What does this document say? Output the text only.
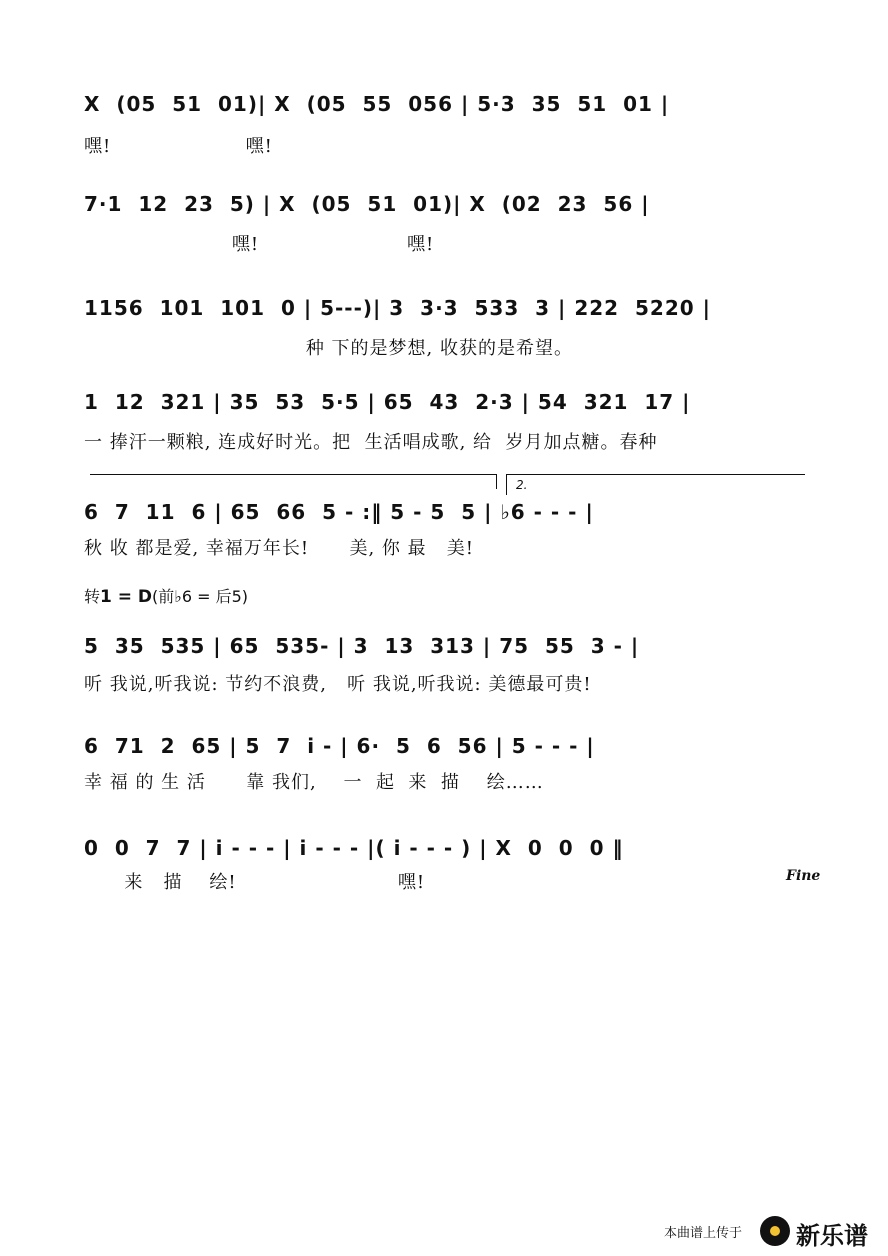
X  (05  51  01)| X  (05  55  056 | 5·3  35  51  01 |
嘿!                    嘿!
7·1  12  23  5) | X  (05  51  01)| X  (02  23  56 |
嘿!                      嘿!
1156  101  101  0 | 5---)| 3  3·3  533  3 | 222  5220 |
种 下的是梦想, 收获的是希望。
1  12  321 | 35  53  5·5 | 65  43  2·3 | 54  321  17 |
一 捧汗一颗粮, 连成好时光。把  生活唱成歌, 给  岁月加点糖。春种
2.
6  7  11  6 | 65  66  5 - :‖ 5 - 5  5 | ♭6 - - - |
秋 收 都是爱, 幸福万年长!      美, 你 最   美!
转1 = D(前♭6 = 后5)
5  35  535 | 65  535- | 3  13  313 | 75  55  3 - |
听 我说,听我说: 节约不浪费,   听 我说,听我说: 美德最可贵!
6  71  2  65 | 5  7  i - | 6·  5  6  56 | 5 - - - |
幸 福 的 生 活      靠 我们,    一  起  来  描    绘……
0  0  7  7 | i - - - | i - - - |( i - - - ) | X  0  0  0 ‖
来   描    绘!                        嘿!	Fine
本曲谱上传于 新乐谱
